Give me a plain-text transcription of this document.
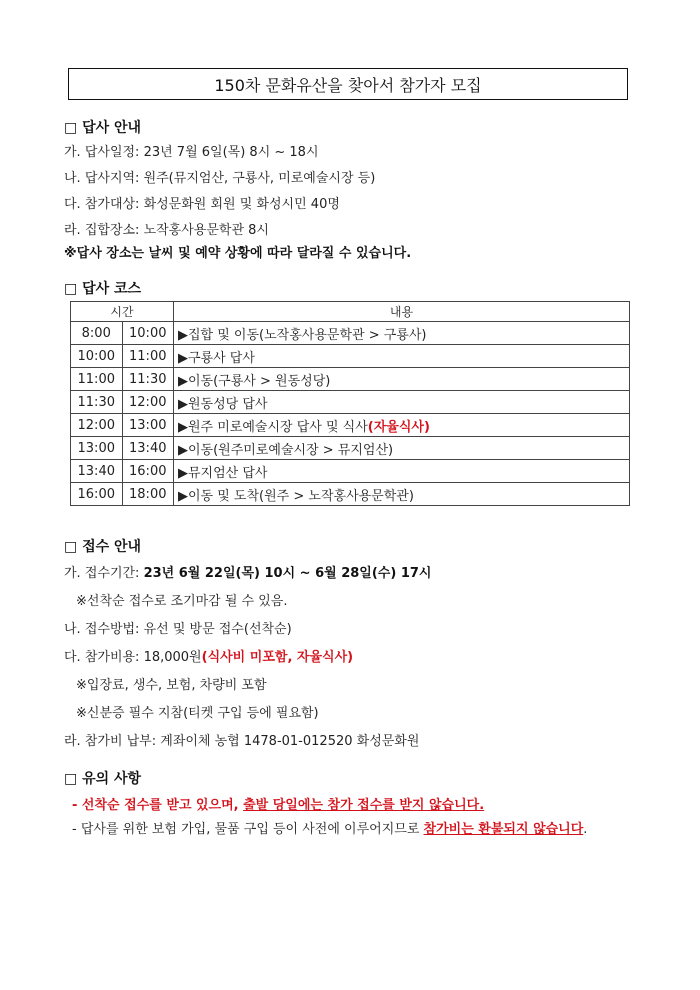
150차 문화유산을 찾아서 참가자 모집
□ 답사 안내
가. 답사일정: 23년 7월 6일(목) 8시 ~ 18시
나. 답사지역: 원주(뮤지엄산, 구룡사, 미로예술시장 등)
다. 참가대상: 화성문화원 회원 및 화성시민 40명
라. 집합장소: 노작홍사용문학관 8시
※답사 장소는 날씨 및 예약 상황에 따라 달라질 수 있습니다.
□ 답사 코스
시간		내용
8:00	10:00	▶집합 및 이동(노작홍사용문학관 > 구룡사)
10:00	11:00	▶구룡사 답사
11:00	11:30	▶이동(구룡사 > 원동성당)
11:30	12:00	▶원동성당 답사
12:00	13:00	▶원주 미로예술시장 답사 및 식사(자율식사)
13:00	13:40	▶이동(원주미로예술시장 > 뮤지엄산)
13:40	16:00	▶뮤지엄산 답사
16:00	18:00	▶이동 및 도착(원주 > 노작홍사용문학관)
□ 접수 안내
가. 접수기간: 23년 6월 22일(목) 10시 ~ 6월 28일(수) 17시
※선착순 접수로 조기마감 될 수 있음.
나. 접수방법: 유선 및 방문 접수(선착순)
다. 참가비용: 18,000원(식사비 미포함, 자율식사)
※입장료, 생수, 보험, 차량비 포함
※신분증 필수 지참(티켓 구입 등에 필요함)
라. 참가비 납부: 계좌이체 농협 1478-01-012520 화성문화원
□ 유의 사항
- 선착순 접수를 받고 있으며, 출발 당일에는 참가 접수를 받지 않습니다.
- 답사를 위한 보험 가입, 물품 구입 등이 사전에 이루어지므로 참가비는 환불되지 않습니다.
